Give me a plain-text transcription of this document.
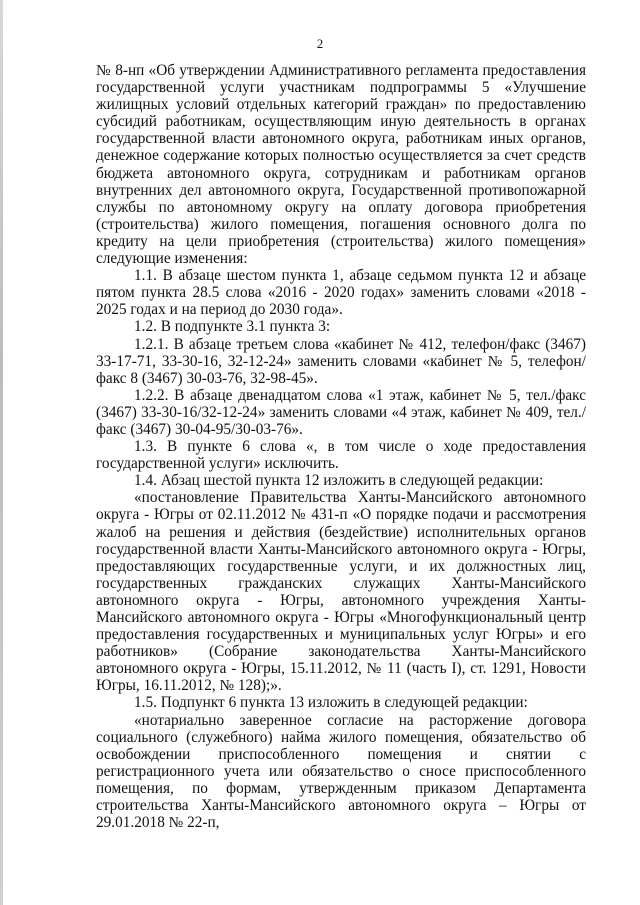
2

№ 8-нп «Об утверждении Административного регламента предоставления государственной услуги участникам подпрограммы 5 «Улучшение жилищных условий отдельных категорий граждан» по предоставлению субсидий работникам, осуществляющим иную деятельность в органах государственной власти автономного округа, работникам иных органов, денежное содержание которых полностью осуществляется за счет средств бюджета автономного округа, сотрудникам и работникам органов внутренних дел автономного округа, Государственной противопожарной службы по автономному округу на оплату договора приобретения (строительства) жилого помещения, погашения основного долга по кредиту на цели приобретения (строительства) жилого помещения» следующие изменения:

1.1. В абзаце шестом пункта 1, абзаце седьмом пункта 12 и абзаце пятом пункта 28.5 слова «2016 - 2020 годах» заменить словами «2018 - 2025 годах и на период до 2030 года».

1.2. В подпункте 3.1 пункта 3:

1.2.1. В абзаце третьем слова «кабинет № 412, телефон/факс (3467) 33-17-71, 33-30-16, 32-12-24» заменить словами «кабинет № 5, телефон/факс 8 (3467) 30-03-76, 32-98-45».

1.2.2. В абзаце двенадцатом слова «1 этаж, кабинет № 5, тел./факс (3467) 33-30-16/32-12-24» заменить словами «4 этаж, кабинет № 409, тел./факс (3467) 30-04-95/30-03-76».

1.3. В пункте 6 слова «, в том числе о ходе предоставления государственной услуги» исключить.

1.4. Абзац шестой пункта 12 изложить в следующей редакции:

«постановление Правительства Ханты-Мансийского автономного округа - Югры от 02.11.2012 № 431-п «О порядке подачи и рассмотрения жалоб на решения и действия (бездействие) исполнительных органов государственной власти Ханты-Мансийского автономного округа - Югры, предоставляющих государственные услуги, и их должностных лиц, государственных гражданских служащих Ханты-Мансийского автономного округа - Югры, автономного учреждения Ханты-Мансийского автономного округа - Югры «Многофункциональный центр предоставления государственных и муниципальных услуг Югры» и его работников» (Собрание законодательства Ханты-Мансийского автономного округа - Югры, 15.11.2012, № 11 (часть I), ст. 1291, Новости Югры, 16.11.2012, № 128);».

1.5. Подпункт 6 пункта 13 изложить в следующей редакции:

«нотариально заверенное согласие на расторжение договора социального (служебного) найма жилого помещения, обязательство об освобождении приспособленного помещения и снятии с регистрационного учета или обязательство о сносе приспособленного помещения, по формам, утвержденным приказом Департамента строительства Ханты-Мансийского автономного округа – Югры от 29.01.2018 № 22-п,
